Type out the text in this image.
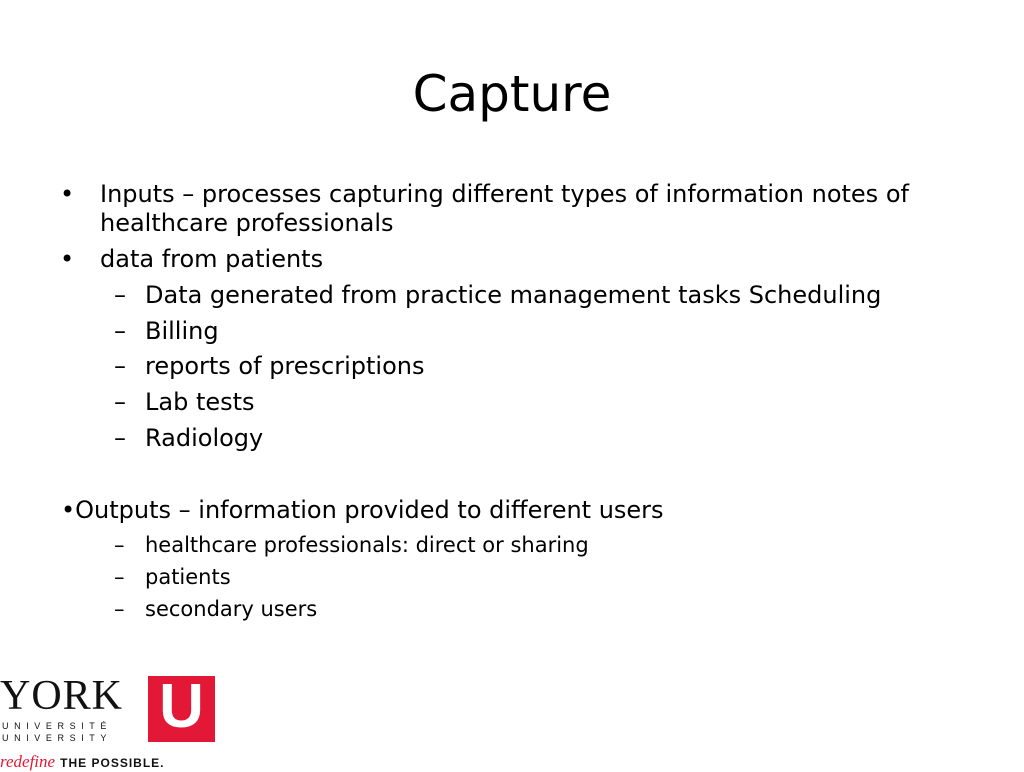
Capture
• Inputs – processes capturing different types of information notes of
healthcare professionals
• data from patients
– Data generated from practice management tasks Scheduling
– Billing
– reports of prescriptions
– Lab tests
– Radiology
•Outputs – information provided to different users
– healthcare professionals: direct or sharing
– patients
– secondary users
YORK
UNIVERSITÉ
UNIVERSITY U
redefine THE POSSIBLE.
